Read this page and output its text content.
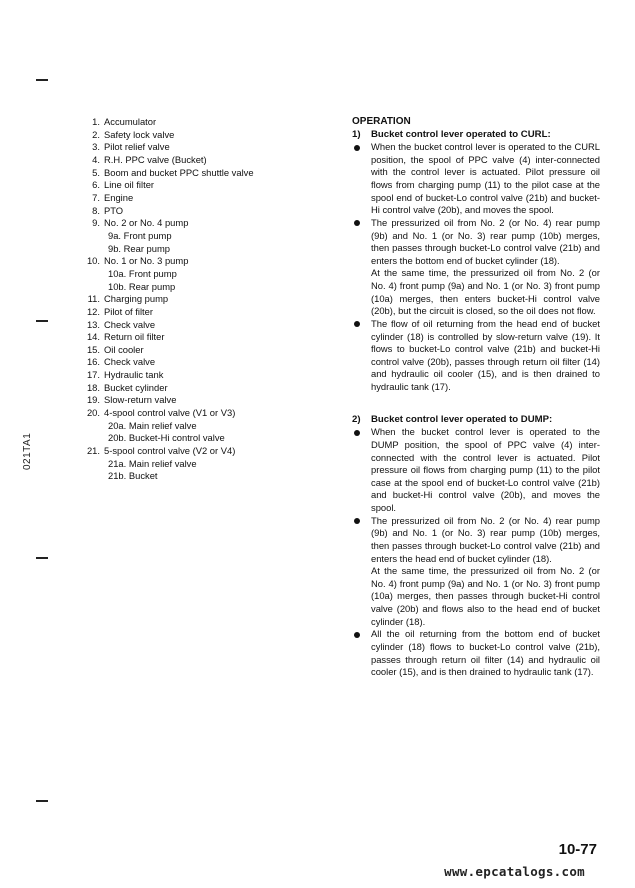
021TA1
1. Accumulator
2. Safety lock valve
3. Pilot relief valve
4. R.H. PPC valve (Bucket)
5. Boom and bucket PPC shuttle valve
6. Line oil filter
7. Engine
8. PTO
9. No. 2 or No. 4 pump
9a. Front pump
9b. Rear pump
10. No. 1 or No. 3 pump
10a. Front pump
10b. Rear pump
11. Charging pump
12. Pilot of filter
13. Check valve
14. Return oil filter
15. Oil cooler
16. Check valve
17. Hydraulic tank
18. Bucket cylinder
19. Slow-return valve
20. 4-spool control valve (V1 or V3)
20a. Main relief valve
20b. Bucket-Hi control valve
21. 5-spool control valve (V2 or V4)
21a. Main relief valve
21b. Bucket
OPERATION
1)	Bucket control lever operated to CURL:

When the bucket control lever is operated to the CURL position, the spool of PPC valve (4) inter-connected with the control lever is actuated. Pilot pressure oil flows from charging pump (11) to the pilot case at the spool end of bucket-Lo control valve (21b) and bucket-Hi control valve (20b), and moves the spool.

The pressurized oil from No. 2 (or No. 4) rear pump (9b) and No. 1 (or No. 3) rear pump (10b) merges, then passes through bucket-Lo control valve (21b) and enters the bottom end of bucket cylinder (18).

At the same time, the pressurized oil from No. 2 (or No. 4) front pump (9a) and No. 1 (or No. 3) front pump (10a) merges, then enters bucket-Hi control valve (20b), but the circuit is closed, so the oil does not flow.

The flow of oil returning from the head end of bucket cylinder (18) is controlled by slow-return valve (19). It flows to bucket-Lo control valve (21b) and bucket-Hi control valve (20b), passes through return oil filter (14) and hydraulic oil cooler (15), and is then drained to hydraulic tank (17).

2)	Bucket control lever operated to DUMP:

When the bucket control lever is operated to the DUMP position, the spool of PPC valve (4) inter-connected with the control lever is actuated. Pilot pressure oil flows from charging pump (11) to the pilot case at the spool end of bucket-Lo control valve (21b) and bucket-Hi control valve (20b), and moves the spool.

The pressurized oil from No. 2 (or No. 4) rear pump (9b) and No. 1 (or No. 3) rear pump (10b) merges, then passes through bucket-Lo control valve (21b) and enters the head end of bucket cylinder (18).

At the same time, the pressurized oil from No. 2 (or No. 4) front pump (9a) and No. 1 (or No. 3) front pump (10a) merges, then passes through bucket-Hi control valve (20b) and flows also to the head end of bucket cylinder (18).

All the oil returning from the bottom end of bucket cylinder (18) flows to bucket-Lo control valve (21b), passes through return oil filter (14) and hydraulic oil cooler (15), and is then drained to hydraulic tank (17).

10-77
www.epcatalogs.com
